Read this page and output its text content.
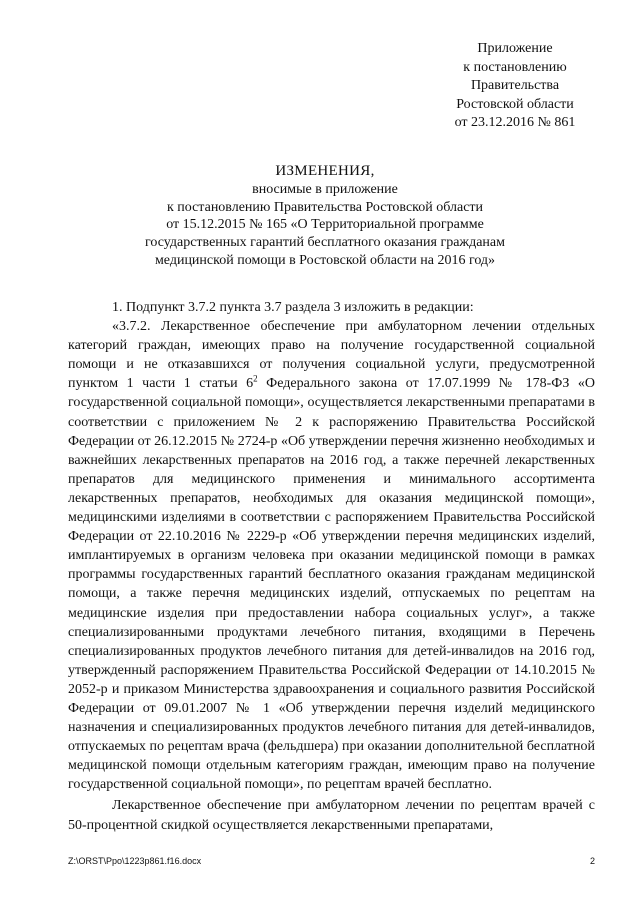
Приложение
к постановлению
Правительства
Ростовской области
от 23.12.2016 № 861
ИЗМЕНЕНИЯ,
вносимые в приложение
к постановлению Правительства Ростовской области
от 15.12.2015 № 165 «О Территориальной программе
государственных гарантий бесплатного оказания гражданам
медицинской помощи в Ростовской области на 2016 год»

1. Подпункт 3.7.2 пункта 3.7 раздела 3 изложить в редакции:

«3.7.2. Лекарственное обеспечение при амбулаторном лечении отдельных категорий граждан, имеющих право на получение государственной социальной помощи и не отказавшихся от получения социальной услуги, предусмотренной пунктом 1 части 1 статьи $6^2$ Федерального закона от 17.07.1999 № 178-ФЗ «О государственной социальной помощи», осуществляется лекарственными препаратами в соответствии с приложением № 2 к распоряжению Правительства Российской Федерации от 26.12.2015 № 2724-р «Об утверждении перечня жизненно необходимых и важнейших лекарственных препаратов на 2016 год, а также перечней лекарственных препаратов для медицинского применения и минимального ассортимента лекарственных препаратов, необходимых для оказания медицинской помощи», медицинскими изделиями в соответствии с распоряжением Правительства Российской Федерации от 22.10.2016 № 2229-р «Об утверждении перечня медицинских изделий, имплантируемых в организм человека при оказании медицинской помощи в рамках программы государственных гарантий бесплатного оказания гражданам медицинской помощи, а также перечня медицинских изделий, отпускаемых по рецептам на медицинские изделия при предоставлении набора социальных услуг», а также специализированными продуктами лечебного питания, входящими в Перечень специализированных продуктов лечебного питания для детей-инвалидов на 2016 год, утвержденный распоряжением Правительства Российской Федерации от 14.10.2015 № 2052-р и приказом Министерства здравоохранения и социального развития Российской Федерации от 09.01.2007 № 1 «Об утверждении перечня изделий медицинского назначения и специализированных продуктов лечебного питания для детей-инвалидов, отпускаемых по рецептам врача (фельдшера) при оказании дополнительной бесплатной медицинской помощи отдельным категориям граждан, имеющим право на получение государственной социальной помощи», по рецептам врачей бесплатно.

Лекарственное обеспечение при амбулаторном лечении по рецептам врачей с 50-процентной скидкой осуществляется лекарственными препаратами,

Z:\ORST\Ppo\1223p861.f16.docx	2
